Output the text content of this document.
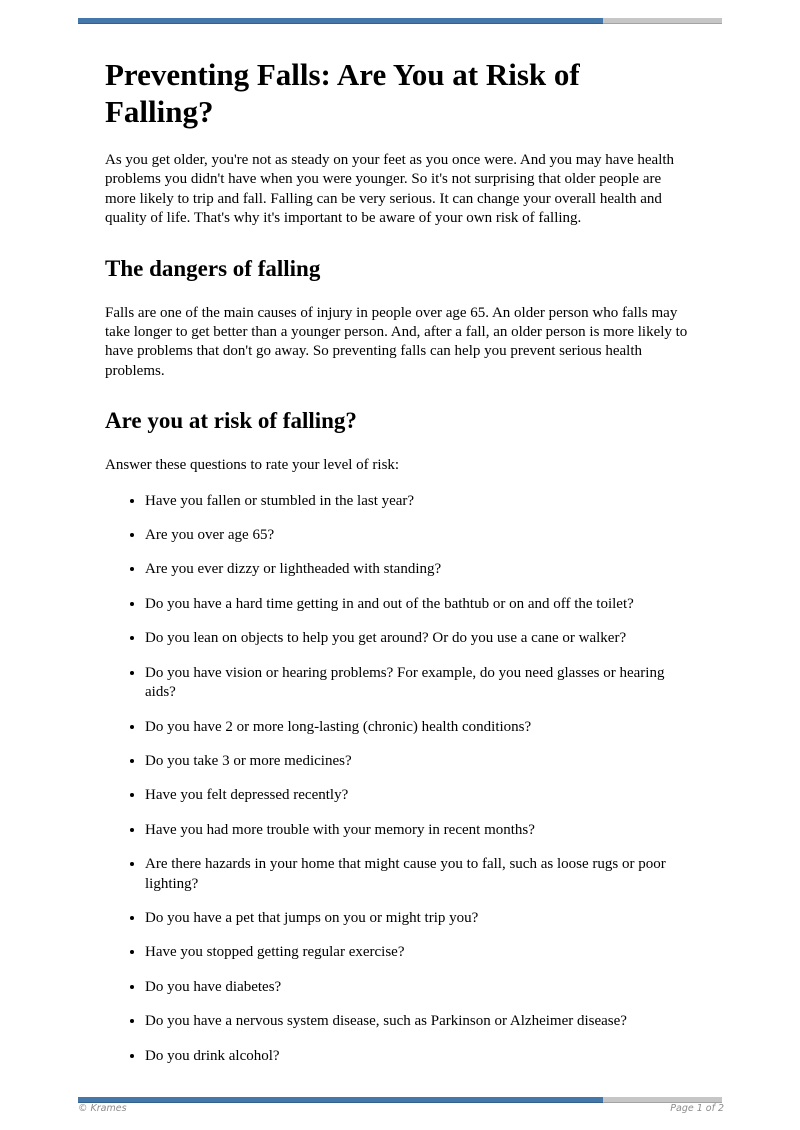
Preventing Falls: Are You at Risk of Falling?

As you get older, you're not as steady on your feet as you once were. And you may have health problems you didn't have when you were younger. So it's not surprising that older people are more likely to trip and fall. Falling can be very serious. It can change your overall health and quality of life. That's why it's important to be aware of your own risk of falling.

The dangers of falling

Falls are one of the main causes of injury in people over age 65. An older person who falls may take longer to get better than a younger person. And, after a fall, an older person is more likely to have problems that don't go away. So preventing falls can help you prevent serious health problems.

Are you at risk of falling?

Answer these questions to rate your level of risk:

• Have you fallen or stumbled in the last year?
• Are you over age 65?
• Are you ever dizzy or lightheaded with standing?
• Do you have a hard time getting in and out of the bathtub or on and off the toilet?
• Do you lean on objects to help you get around? Or do you use a cane or walker?
• Do you have vision or hearing problems? For example, do you need glasses or hearing aids?
• Do you have 2 or more long-lasting (chronic) health conditions?
• Do you take 3 or more medicines?
• Have you felt depressed recently?
• Have you had more trouble with your memory in recent months?
• Are there hazards in your home that might cause you to fall, such as loose rugs or poor lighting?
• Do you have a pet that jumps on you or might trip you?
• Have you stopped getting regular exercise?
• Do you have diabetes?
• Do you have a nervous system disease, such as Parkinson or Alzheimer disease?
• Do you drink alcohol?
© Krames	Page 1 of 2
